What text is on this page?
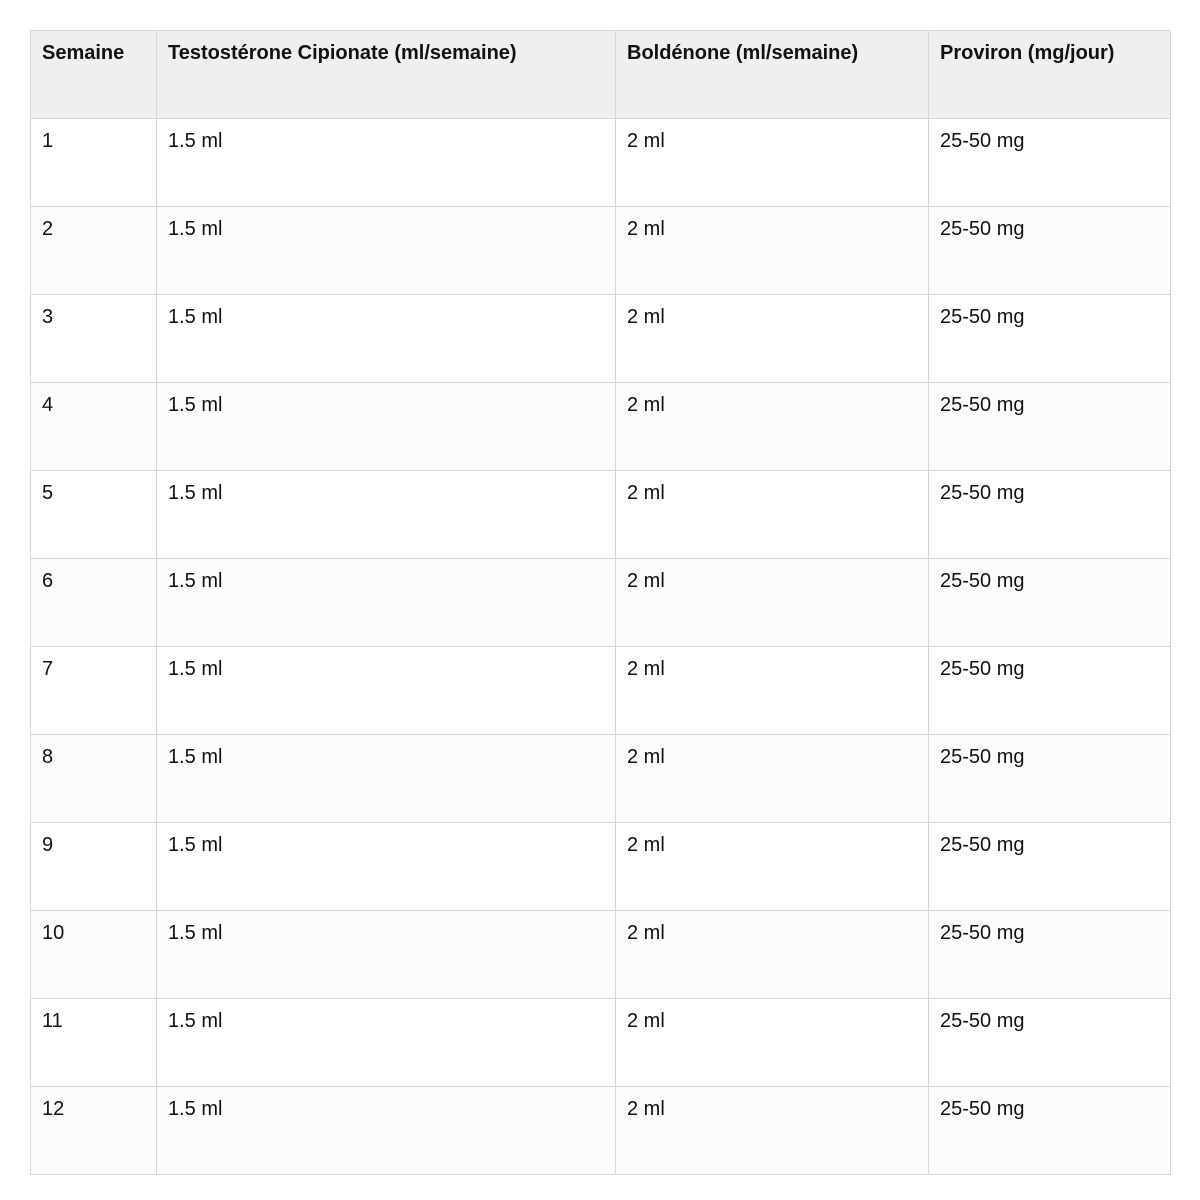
Semaine	Testostérone Cipionate (ml/semaine)	Boldénone (ml/semaine)	Proviron (mg/jour)
1	1.5 ml	2 ml	25-50 mg
2	1.5 ml	2 ml	25-50 mg
3	1.5 ml	2 ml	25-50 mg
4	1.5 ml	2 ml	25-50 mg
5	1.5 ml	2 ml	25-50 mg
6	1.5 ml	2 ml	25-50 mg
7	1.5 ml	2 ml	25-50 mg
8	1.5 ml	2 ml	25-50 mg
9	1.5 ml	2 ml	25-50 mg
10	1.5 ml	2 ml	25-50 mg
11	1.5 ml	2 ml	25-50 mg
12	1.5 ml	2 ml	25-50 mg
